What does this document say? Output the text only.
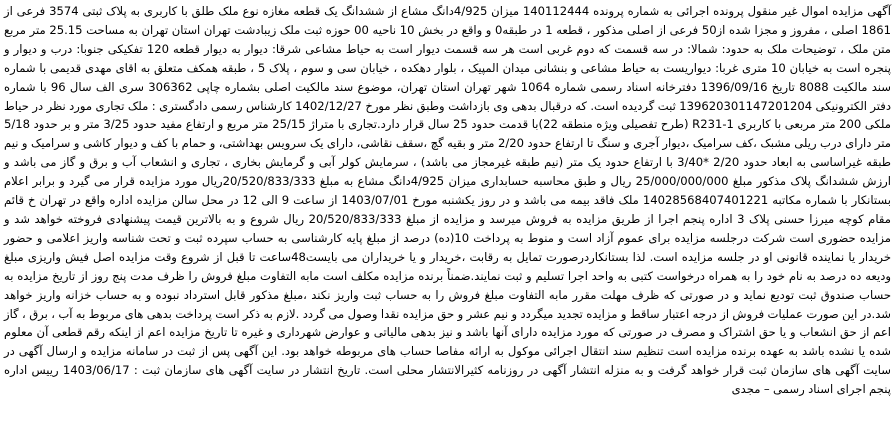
آگهی مزایده اموال غیر منقول پرونده اجرائی به شماره پرونده 140112444 میزان 4/925دانگ مشاع از ششدانگ یک قطعه مغازه نوع ملک طلق با کاربری به پلاک ثبتی 3574 فرعی از 1861 اصلی ، مفروز و مجزا شده از50 فرعی از اصلی مذکور ، قطعه 1 در طبقه0 و واقع در بخش 10 ناحیه 00 حوزه ثبت ملک زیبادشت تهران استان تهران به مساحت 25.15 متر مربع متن ملک ، توضیحات ملک به حدود: شمالا: در سه قسمت که دوم غربی است هر سه قسمت دیوار است به حیاط مشاعی شرقا: دیوار به دیوار قطعه 120 تفکیکی جنوبا: درب و دیوار و پنجره است به خیابان 10 متری غربا: دیواریست به حیاط مشاعی و بنشانی میدان المپیک ، بلوار دهکده ، خیابان سی و سوم ، پلاک 5 ، طبقه همکف متعلق به اقای مهدی قدیمی با شماره سند مالکیت 8088 تاریخ 1396/09/16 دفترخانه اسناد رسمی شماره 1064 شهر تهران استان تهران، موضوع سند مالکیت اصلی بشماره چاپی 306362 سری الف سال 96 با شماره دفتر الکترونیکی 139620301147201204 ثبت گردیده است. که درقبال بدهی وی بازداشت وطبق نظر مورخ 1402/12/27 کارشناس رسمی دادگستری : ملک تجاری مورد نظر در حیاط ملکی 200 متر مربعی با کاربری R231-1 (طرح تفصیلی ویژه منطقه 22)با قدمت حدود 25 سال قرار دارد.تجاری با متراژ 25/15 متر مربع و ارتفاع مفید حدود 3/25 متر و بر حدود 5/18 متر دارای درب ریلی مشبک ،کف سرامیک ،دیوار آجری و سنگ تا ارتفاع حدود 2/20 متر و بقیه گچ ،سقف نقاشی، دارای یک سرویس بهداشتی، و حمام با کف و دیوار کاشی و سرامیک و نیم طبقه غیراساسی به ابعاد حدود 2/20 *3/40 با ارتفاع حدود یک متر (نیم طبقه غیرمجاز می باشد) ، سرمایش کولر آبی و گرمایش بخاری ، تجاری و انشعاب آب و برق و گاز می باشد و ارزش ششدانگ پلاک مذکور مبلغ 25/000/000/000 ریال و طبق محاسبه حسابداری میزان 4/925دانگ مشاع به مبلغ 20/520/833/333ریال مورد مزایده قرار می گیرد و برابر اعلام بستانکار با شماره مکاتبه 14028568407401221 ملک فاقد بیمه می باشد و در روز یکشنبه مورخ 1403/07/01 از ساعت 9 الی 12 در محل سالن مزایده اداره واقع در تهران خ قائم مقام کوچه میرزا حسنی پلاک 3 اداره پنجم اجرا از طریق مزایده به فروش میرسد و مزایده از مبلغ 20/520/833/333 ریال شروع و به بالاترین قیمت پیشنهادی فروخته خواهد شد و مزایده حضوری است شرکت درجلسه مزایده برای عموم آزاد است و منوط به پرداخت 10(ده) درصد از مبلغ پایه کارشناسی به حساب سپرده ثبت و تحت شناسه واریز اعلامی و حضور خریدار یا نماینده قانونی او در جلسه مزایده است. لذا بستانکاردرصورت تمایل به رقابت ،خریدار و یا خریداران می بایست48ساعت تا قبل از شروع وقت مزایده اصل فیش واریزی مبلغ ودیعه ده درصد به نام خود را به همراه درخواست کتبی به واحد اجرا تسلیم و ثبت نمایند.ضمناً برنده مزایده مکلف است مابه التفاوت مبلغ فروش را ظرف مدت پنج روز از تاریخ مزایده به حساب صندوق ثبت تودیع نماید و در صورتی که ظرف مهلت مقرر مابه التفاوت مبلغ فروش را به حساب ثبت واریز نکند ،مبلغ مذکور قابل استرداد نبوده و به حساب خزانه واریز خواهد شد.در این صورت عملیات فروش از درجه اعتبار ساقط و مزایده تجدید میگردد و نیم عشر و حق مزایده نقدا وصول می گردد .لازم به ذکر است پرداخت بدهی های مربوط به آب ، برق ، گاز اعم از حق انشعاب و یا حق اشتراک و مصرف در صورتی که مورد مزایده دارای آنها باشد و نیز بدهی مالیاتی و عوارض شهرداری و غیره تا تاریخ مزایده اعم از اینکه رقم قطعی آن معلوم شده یا نشده باشد به عهده برنده مزایده است تنظیم سند انتقال اجرائی موکول به ارائه مفاصا حساب های مربوطه خواهد بود. این آگهی پس از ثبت در سامانه مزایده و ارسال آگهی در سایت آگهی های سازمان ثبت قرار خواهد گرفت و به منزله انتشار آگهی در روزنامه کثیرالانتشار محلی است. تاریخ انتشار در سایت آگهی های سازمان ثبت : 1403/06/17 رییس اداره پنجم اجرای اسناد رسمی – مجدی
